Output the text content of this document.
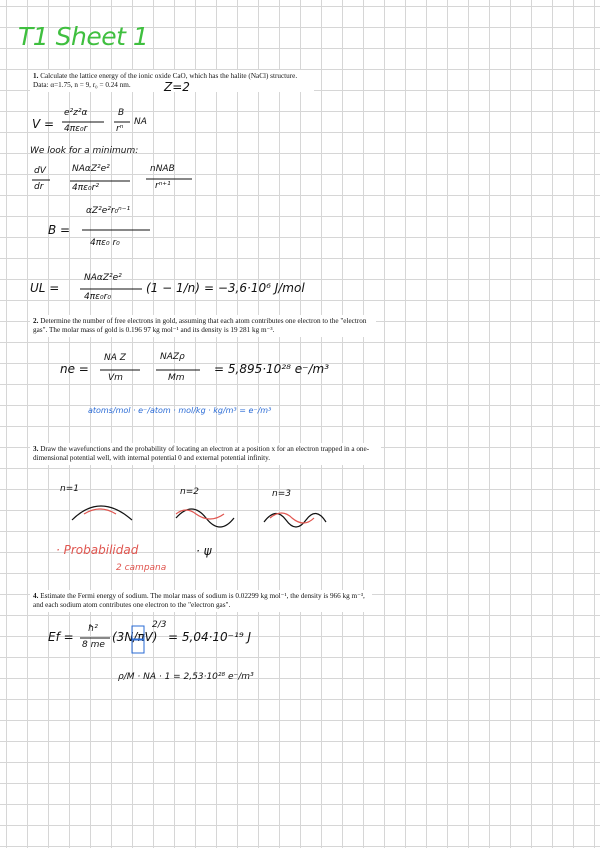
T1 Sheet 1
1. Calculate the lattice energy of the ionic oxide CaO, which has the halite (NaCl) structure. Data: α=1.75, n = 9, r₀ = 0.24 nm.	Z=2
V =
e²z²α
4πε₀r
B
rⁿ
NA
We look for a minimum:
dV
dr
NAαZ²e²
4πε₀r²
nNAB
rⁿ⁺¹
B =
αZ²e²r₀ⁿ⁻¹
4πε₀ r₀
UL =
NAαZ²e²
4πε₀r₀
(1 − 1/n) = −3,6·10⁶ J/mol
2. Determine the number of free electrons in gold, assuming that each atom contributes one electron to the "electron gas". The molar mass of gold is 0.196 97 kg mol⁻¹ and its density is 19 281 kg m⁻³.
ne =
NA Z
Vm
NAZρ
Mm
= 5,895·10²⁸ e⁻/m³
atoms/mol · e⁻/atom · mol/kg · kg/m³ = e⁻/m³
3. Draw the wavefunctions and the probability of locating an electron at a position x for an electron trapped in a one-dimensional potential well, with internal potential 0 and external potential infinity.
n=1	n=2	n=3
· Probabilidad
2 campana
· ψ
4. Estimate the Fermi energy of sodium. The molar mass of sodium is 0.02299 kg mol⁻¹, the density is 966 kg m⁻³, and each sodium atom contributes one electron to the "electron gas".
Ef =
ħ²
8 me
(3N/πV)
2/3
= 5,04·10⁻¹⁹ J
ρ/M · NA · 1 = 2,53·10²⁸ e⁻/m³
